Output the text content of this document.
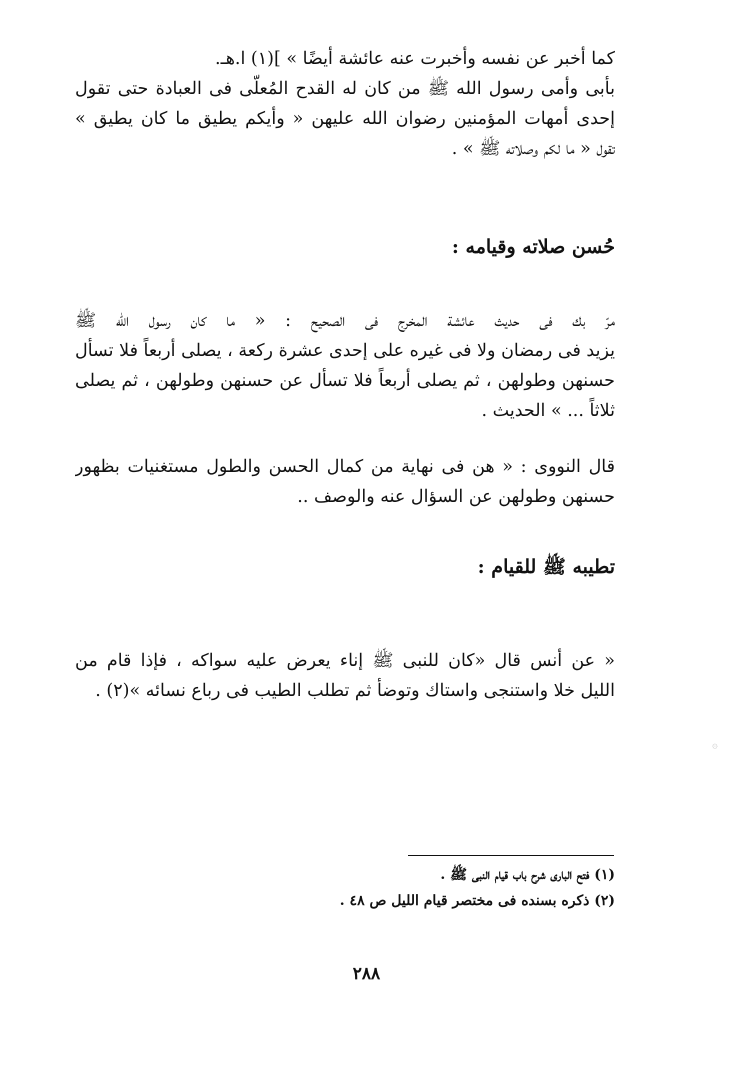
كما أخبر عن نفسه وأخبرت عنه عائشة أيضًا » ](١) ا.هـ.
بأبى وأمى رسول الله ﷺ من كان له القدح المُعلّى فى العبادة حتى تقول
إحدى أمهات المؤمنين رضوان الله عليهن « وأيكم يطيق ما كان يطيق »
تقول « ما لكم وصلاته ﷺ » .
حُسن صلاته وقيامه :
مرّ بك فى حديث عائشة المخرج فى الصحيح : « ما كان رسول الله ﷺ
يزيد فى رمضان ولا فى غيره على إحدى عشرة ركعة ، يصلى أربعاً فلا تسأل
حسنهن وطولهن ، ثم يصلى أربعاً فلا تسأل عن حسنهن وطولهن ، ثم يصلى
ثلاثاً ... » الحديث .
قال النووى : « هن فى نهاية من كمال الحسن والطول مستغنيات بظهور
حسنهن وطولهن عن السؤال عنه والوصف ..
تطيبه ﷺ للقيام :
« عن أنس قال «كان للنبى ﷺ إناء يعرض عليه سواكه ، فإذا قام من
الليل خلا واستنجى واستاك وتوضأ ثم تطلب الطيب فى رباع نسائه »(٢) .
۞
(١) فتح البارى شرح باب قيام النبى ﷺ .
(٢) ذكره بسنده فى مختصر قيام الليل ص ٤٨ .
٢٨٨
